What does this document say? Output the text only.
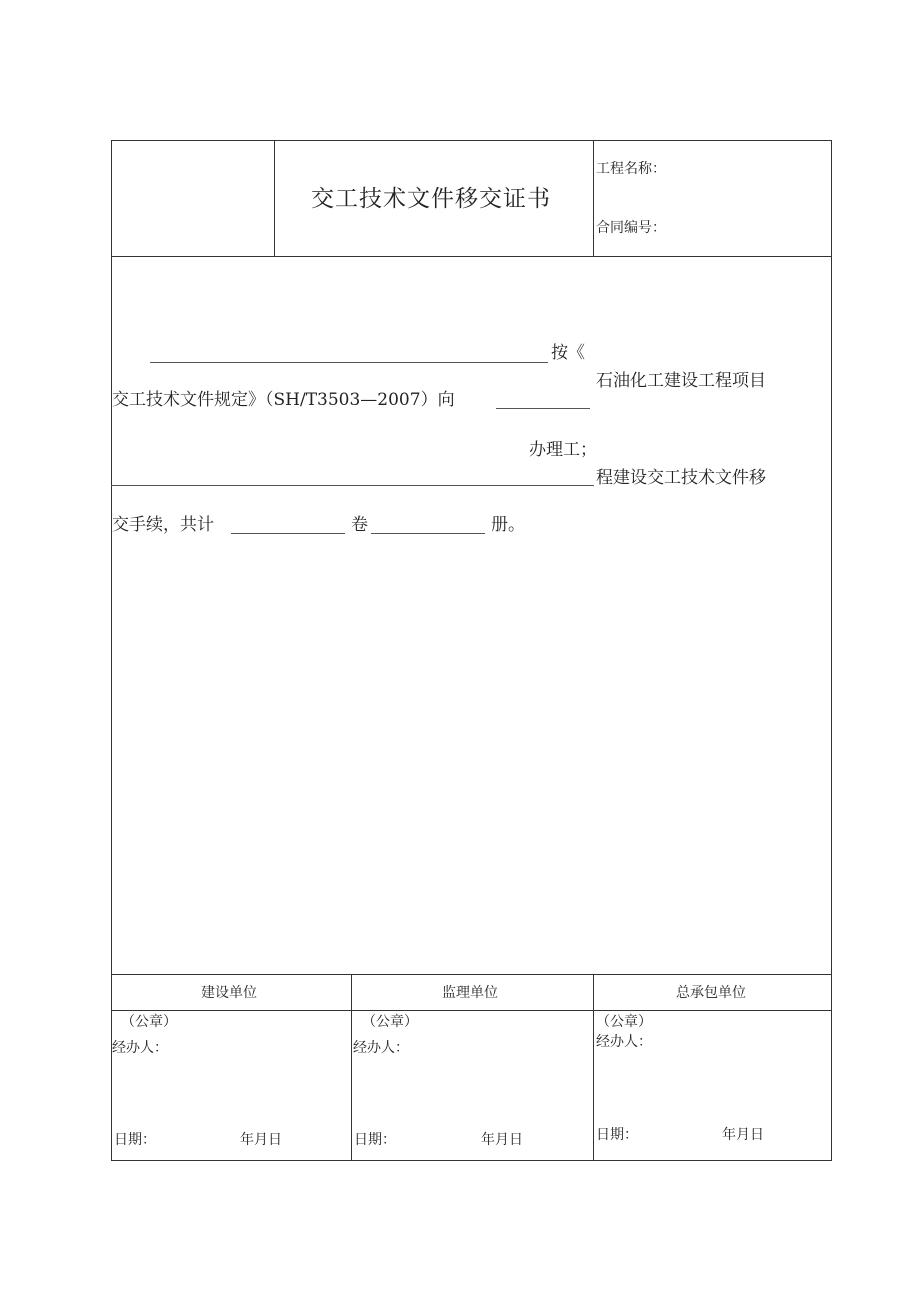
交工技术文件移交证书
工程名称：
合同编号：
按《
石油化工建设工程项目
交工技术文件规定》（SH/T3503—2007）向
办理工；
程建设交工技术文件移
交手续，共计	卷	册。
建设单位
（公章）
经办人：
日期：	年月日
监理单位
（公章）
经办人：
日期：	年月日
总承包单位
（公章）
经办人：
日期：	年月日
